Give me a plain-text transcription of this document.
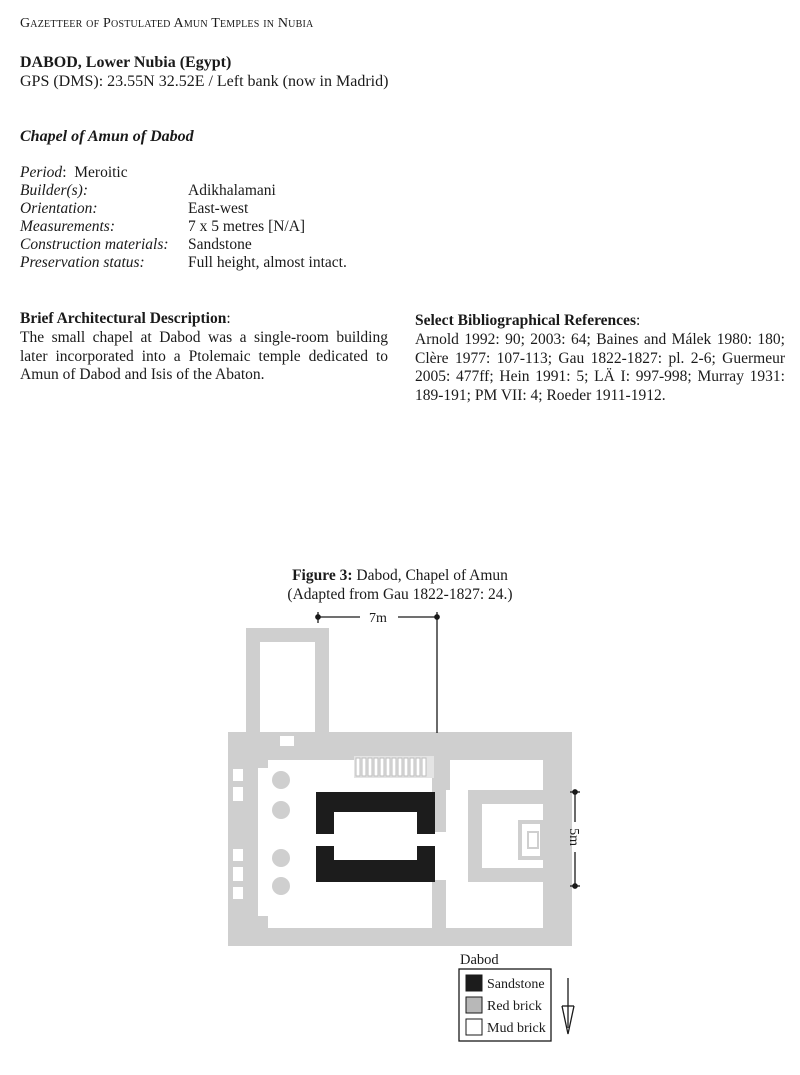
Gazetteer of Postulated Amun Temples in Nubia
DABOD, Lower Nubia (Egypt)
GPS (DMS): 23.55N 32.52E / Left bank (now in Madrid)
Chapel of Amun of Dabod
Period:  Meroitic
Builder(s):	Adikhalamani
Orientation:	East-west
Measurements:	7 x 5 metres [N/A]
Construction materials: Sandstone
Preservation status:	Full height, almost intact.
Brief Architectural Description:
The small chapel at Dabod was a single-room building later incorporated into a Ptolemaic temple dedicated to Amun of Dabod and Isis of the Abaton.
Select Bibliographical References:
Arnold 1992: 90; 2003: 64; Baines and Málek 1980: 180; Clère 1977: 107-113; Gau 1822-1827: pl. 2-6; Guermeur 2005: 477ff; Hein 1991: 5; LÄ I: 997-998; Murray 1931: 189-191; PM VII: 4; Roeder 1911-1912.
Figure 3: Dabod, Chapel of Amun
(Adapted from Gau 1822-1827: 24.)
7m
5m
Dabod
Sandstone
Red brick
Mud brick
